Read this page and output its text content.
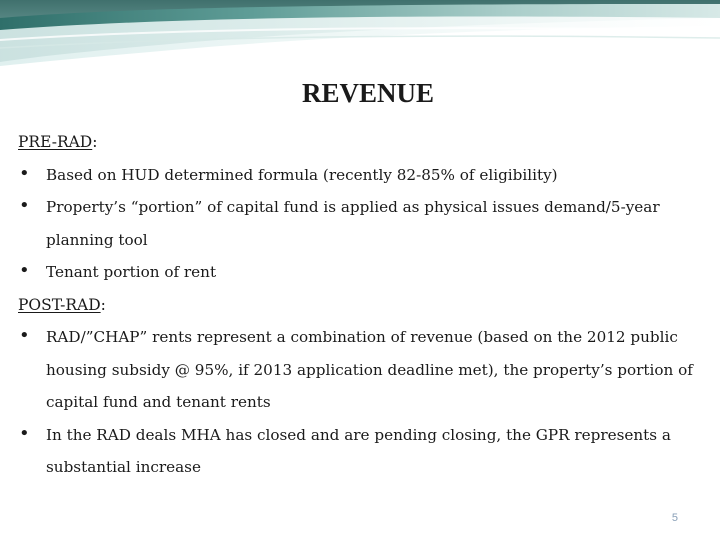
REVENUE

PRE-RAD:

• Based on HUD determined formula (recently 82-85% of eligibility)
• Property’s “portion” of capital fund is applied as physical issues demand/5-year planning tool
• Tenant portion of rent

POST-RAD:

• RAD/”CHAP” rents represent a combination of revenue (based on the 2012 public housing subsidy @ 95%, if 2013 application deadline met), the property’s portion of capital fund and tenant rents
• In the RAD deals MHA has closed and are pending closing, the GPR represents a substantial increase
5
